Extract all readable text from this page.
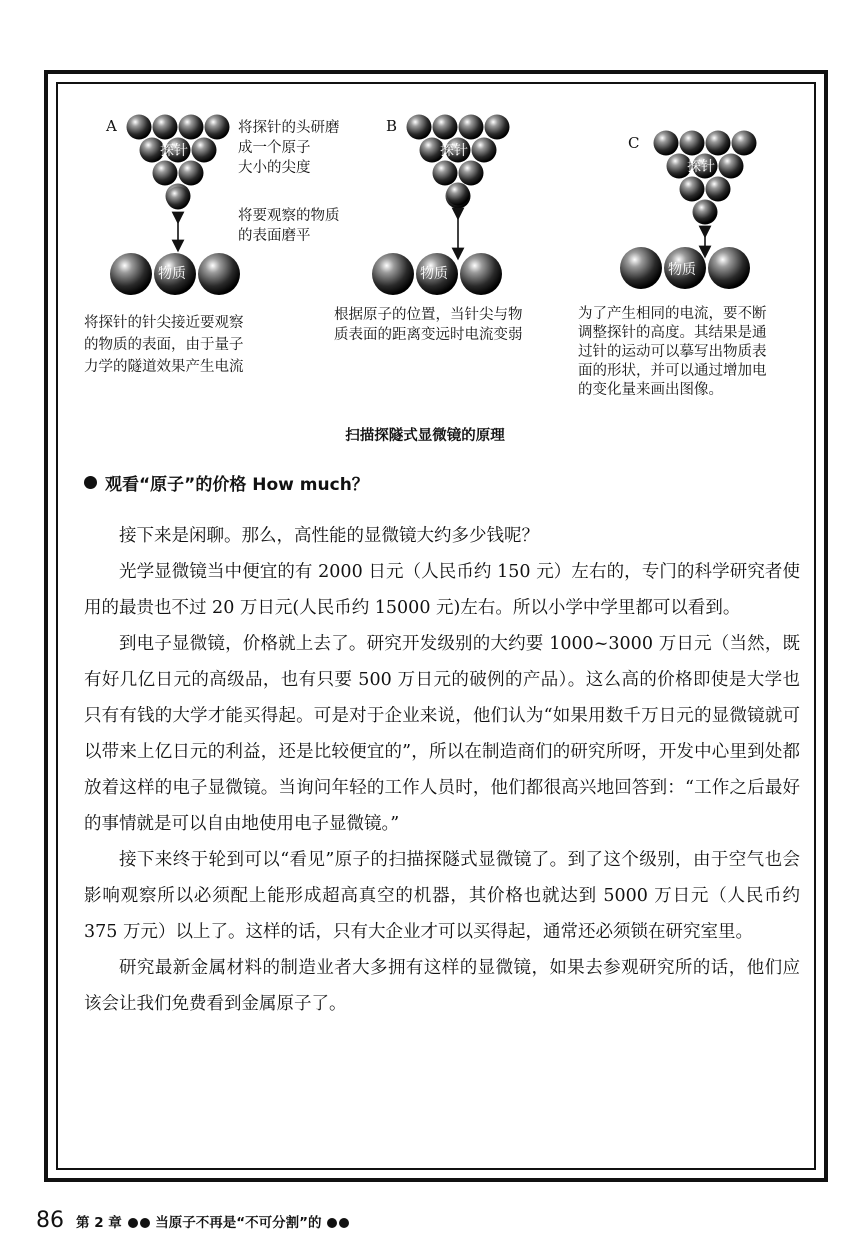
A	B
C
探针	探针
探针
物质	物质	物质
将探针的头研磨
成一个原子
大小的尖度
将要观察的物质
的表面磨平
将探针的针尖接近要观察
的物质的表面，由于量子
力学的隧道效果产生电流
根据原子的位置，当针尖与物
质表面的距离变远时电流变弱
为了产生相同的电流，要不断
调整探针的高度。其结果是通
过针的运动可以摹写出物质表
面的形状，并可以通过增加电
的变化量来画出图像。
扫描探隧式显微镜的原理
观看“原子”的价格 How much？

接下来是闲聊。那么，高性能的显微镜大约多少钱呢？

光学显微镜当中便宜的有 2000 日元（人民币约 150 元）左右的，专门的科学研究者使用的最贵也不过 20 万日元(人民币约 15000 元)左右。所以小学中学里都可以看到。

到电子显微镜，价格就上去了。研究开发级别的大约要 1000~3000 万日元（当然，既有好几亿日元的高级品，也有只要 500 万日元的破例的产品）。这么高的价格即使是大学也只有有钱的大学才能买得起。可是对于企业来说，他们认为“如果用数千万日元的显微镜就可以带来上亿日元的利益，还是比较便宜的”，所以在制造商们的研究所呀，开发中心里到处都放着这样的电子显微镜。当询问年轻的工作人员时，他们都很高兴地回答到：“工作之后最好的事情就是可以自由地使用电子显微镜。”

接下来终于轮到可以“看见”原子的扫描探隧式显微镜了。到了这个级别，由于空气也会影响观察所以必须配上能形成超高真空的机器，其价格也就达到 5000 万日元（人民币约 375 万元）以上了。这样的话，只有大企业才可以买得起，通常还必须锁在研究室里。

研究最新金属材料的制造业者大多拥有这样的显微镜，如果去参观研究所的话，他们应该会让我们免费看到金属原子了。

86 第 2 章 当原子不再是“不可分割”的
